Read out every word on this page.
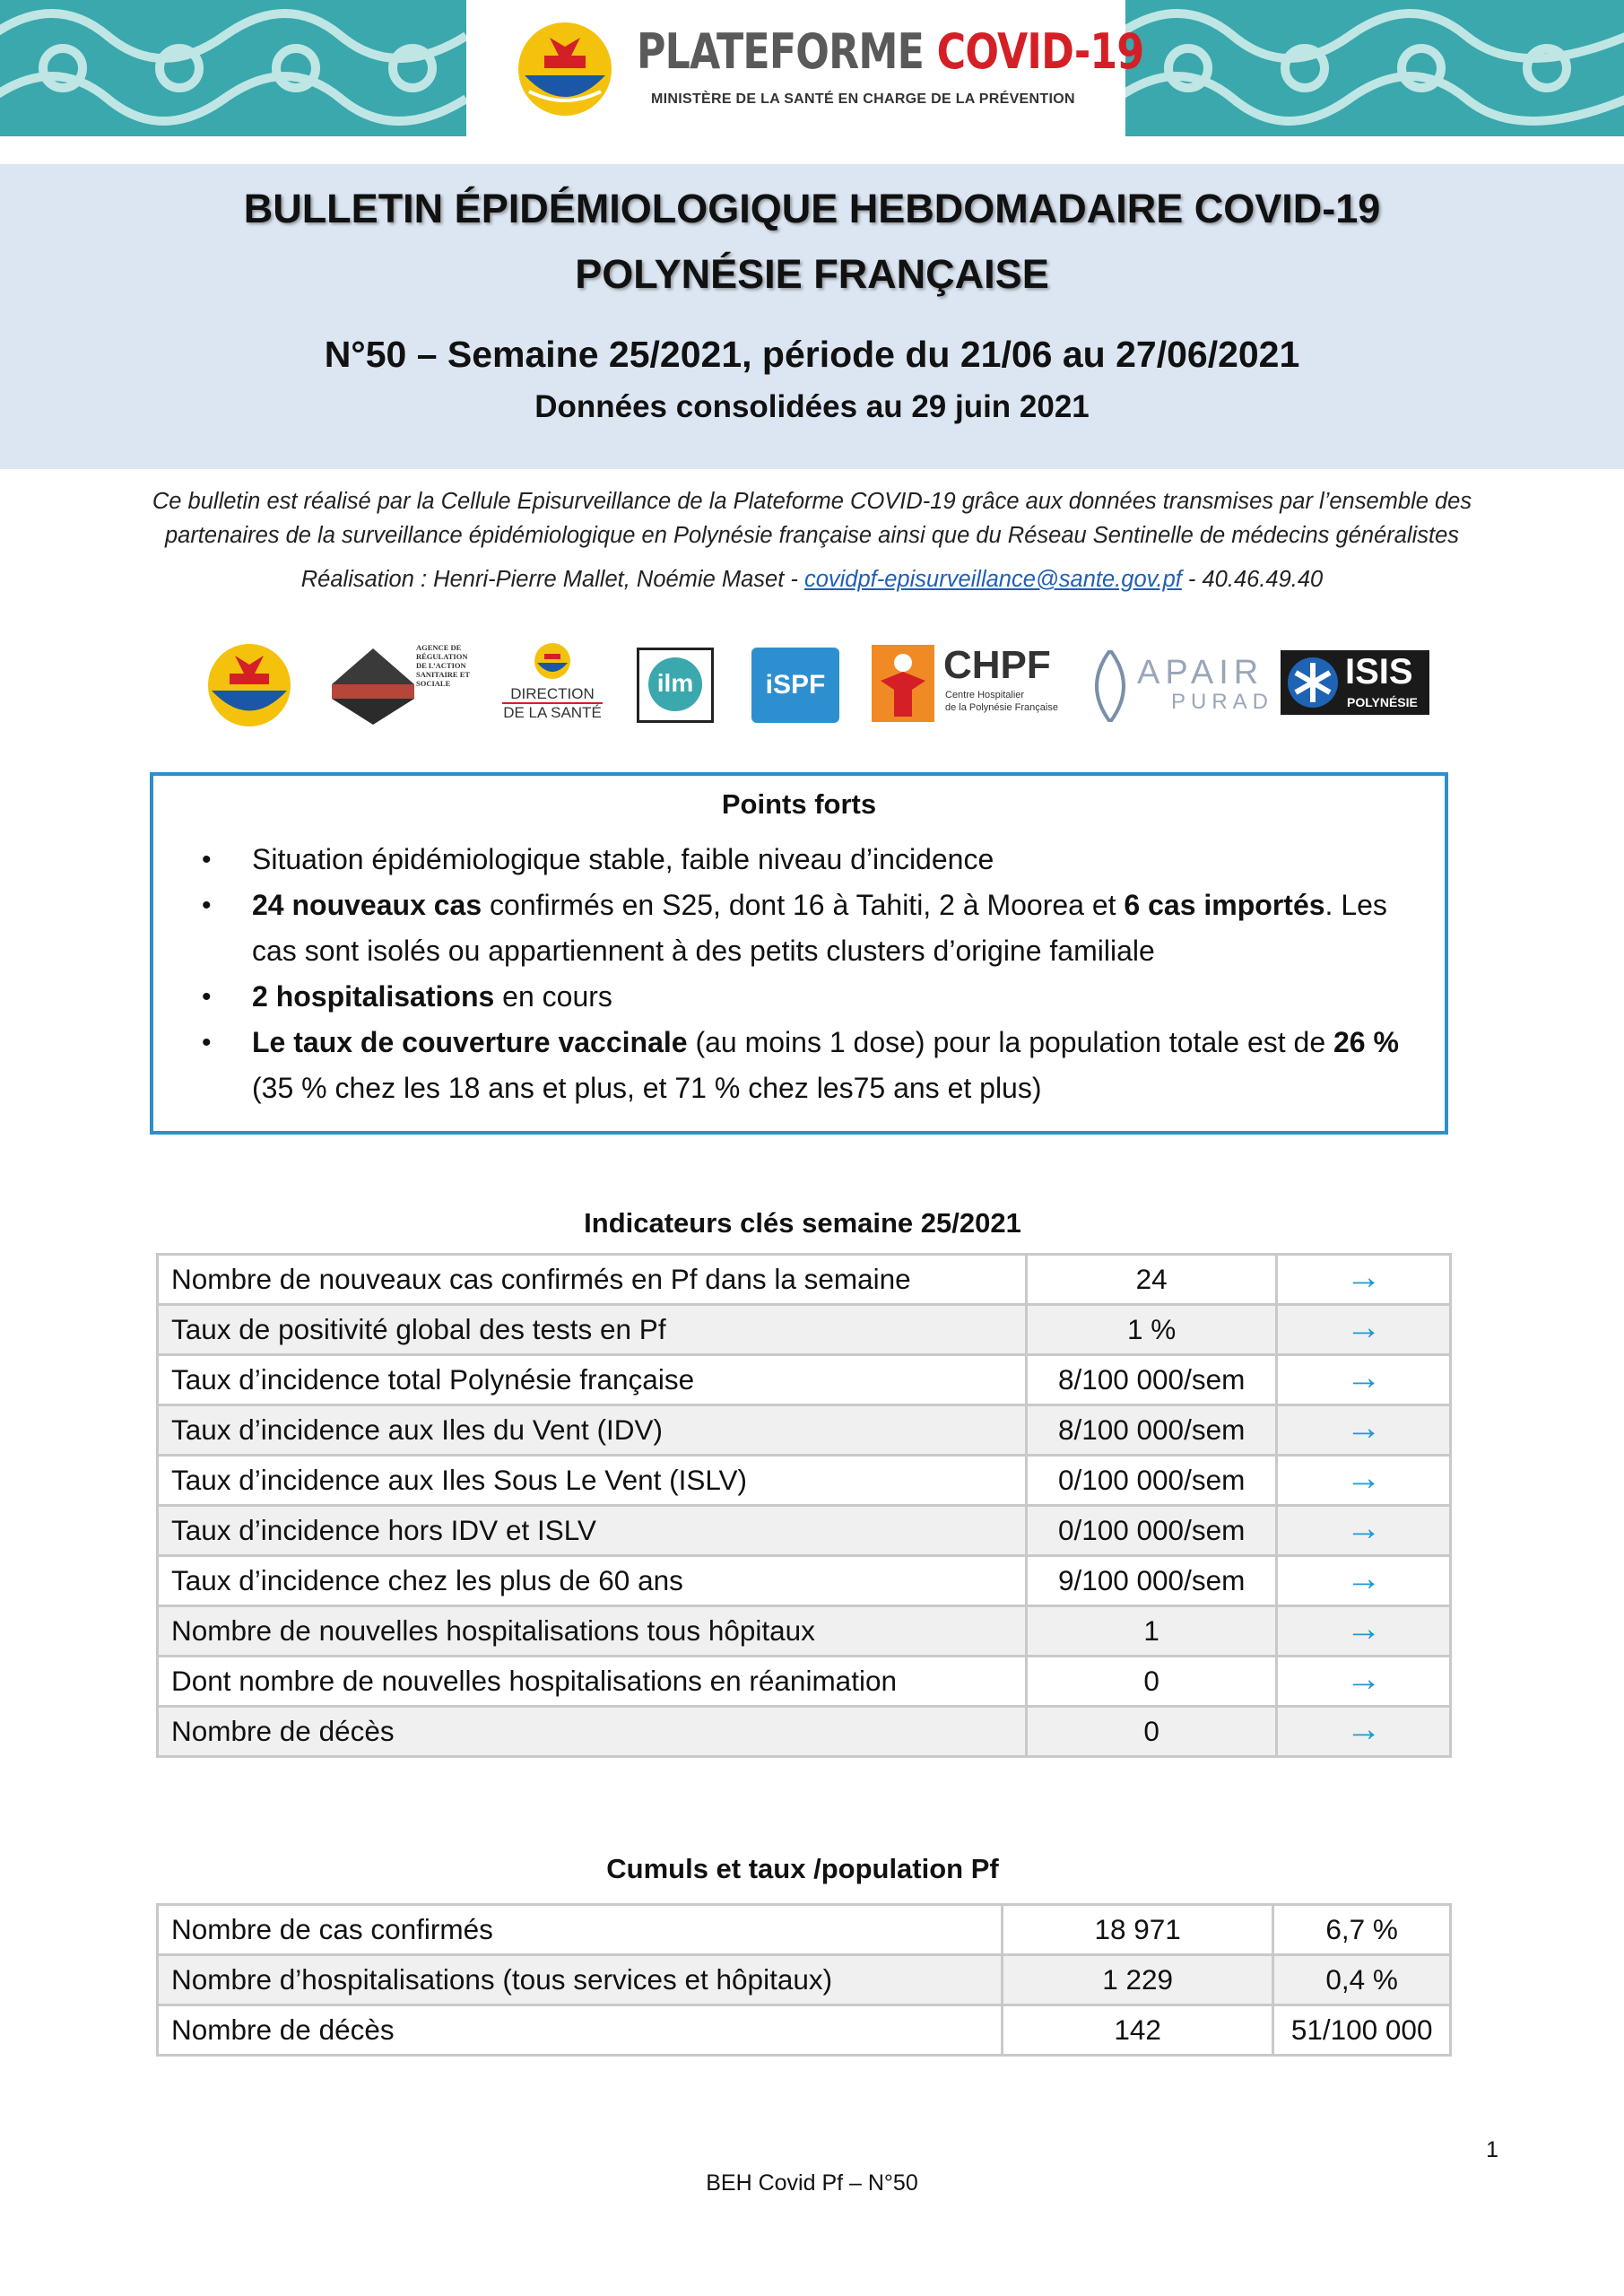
PLATEFORME COVID-19
MINISTÈRE DE LA SANTÉ EN CHARGE DE LA PRÉVENTION
BULLETIN ÉPIDÉMIOLOGIQUE HEBDOMADAIRE COVID-19
POLYNÉSIE FRANÇAISE
N°50 – Semaine 25/2021, période du 21/06 au 27/06/2021
Données consolidées au 29 juin 2021
Ce bulletin est réalisé par la Cellule Episurveillance de la Plateforme COVID-19 grâce aux données transmises par l’ensemble des
partenaires de la surveillance épidémiologique en Polynésie française ainsi que du Réseau Sentinelle de médecins généralistes
Réalisation : Henri-Pierre Mallet, Noémie Maset - covidpf-episurveillance@sante.gov.pf - 40.46.49.40
AGENCE DE RÉGULATION DE L’ACTION SANITAIRE ET SOCIALE
DIRECTION
DE LA SANTÉ
ilm	iSPF	CHPF
Centre Hospitalier
de la Polynésie Française
APAIR
PURAD
ISIS
POLYNÉSIE
Points forts
• Situation épidémiologique stable, faible niveau d’incidence
• 24 nouveaux cas confirmés en S25, dont 16 à Tahiti, 2 à Moorea et 6 cas importés. Les
cas sont isolés ou appartiennent à des petits clusters d’origine familiale
• 2 hospitalisations en cours
• Le taux de couverture vaccinale (au moins 1 dose) pour la population totale est de 26 %
(35 % chez les 18 ans et plus, et 71 % chez les75 ans et plus)
Indicateurs clés semaine 25/2021
Nombre de nouveaux cas confirmés en Pf dans la semaine	24	→
Taux de positivité global des tests en Pf	1 %	→
Taux d’incidence total Polynésie française	8/100 000/sem	→
Taux d’incidence aux Iles du Vent (IDV)	8/100 000/sem	→
Taux d’incidence aux Iles Sous Le Vent (ISLV)	0/100 000/sem	→
Taux d’incidence hors IDV et ISLV	0/100 000/sem	→
Taux d’incidence chez les plus de 60 ans	9/100 000/sem	→
Nombre de nouvelles hospitalisations tous hôpitaux	1	→
Dont nombre de nouvelles hospitalisations en réanimation	0	→
Nombre de décès	0	→
Cumuls et taux /population Pf
Nombre de cas confirmés	18 971	6,7 %
Nombre d’hospitalisations (tous services et hôpitaux)	1 229	0,4 %
Nombre de décès	142	51/100 000
1
BEH Covid Pf – N°50
